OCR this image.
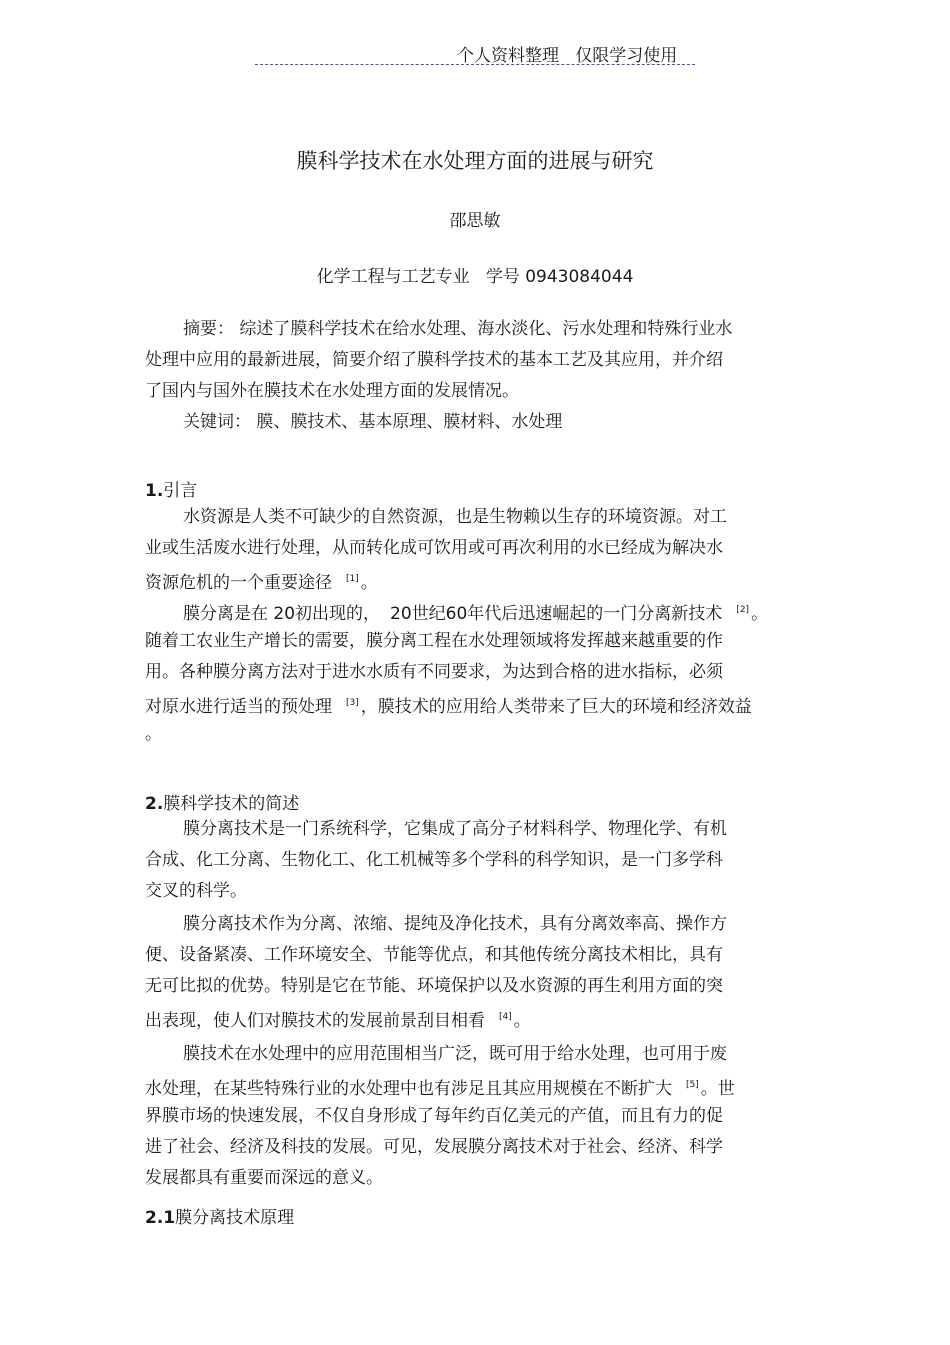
个人资料整理   仅限学习使用
膜科学技术在水处理方面的进展与研究
邵思敏
化学工程与工艺专业   学号 0943084044
摘要： 综述了膜科学技术在给水处理、海水淡化、污水处理和特殊行业水
处理中应用的最新进展，简要介绍了膜科学技术的基本工艺及其应用，并介绍
了国内与国外在膜技术在水处理方面的发展情况。
关键词： 膜、膜技术、基本原理、膜材料、水处理
1.引言
水资源是人类不可缺少的自然资源，也是生物赖以生存的环境资源。对工
业或生活废水进行处理，从而转化成可饮用或可再次利用的水已经成为解决水
资源危机的一个重要途径 [1] 。
膜分离是在 20初出现的， 20世纪60年代后迅速崛起的一门分离新技术 [2] 。
随着工农业生产增长的需要，膜分离工程在水处理领域将发挥越来越重要的作
用。各种膜分离方法对于进水水质有不同要求，为达到合格的进水指标，必须
对原水进行适当的预处理 [3] ，膜技术的应用给人类带来了巨大的环境和经济效益
。
2.膜科学技术的简述
膜分离技术是一门系统科学，它集成了高分子材料科学、物理化学、有机
合成、化工分离、生物化工、化工机械等多个学科的科学知识，是一门多学科
交叉的科学。
膜分离技术作为分离、浓缩、提纯及净化技术，具有分离效率高、操作方
便、设备紧凑、工作环境安全、节能等优点，和其他传统分离技术相比，具有
无可比拟的优势。特别是它在节能、环境保护以及水资源的再生利用方面的突
出表现，使人们对膜技术的发展前景刮目相看 [4] 。
膜技术在水处理中的应用范围相当广泛，既可用于给水处理，也可用于废
水处理，在某些特殊行业的水处理中也有涉足且其应用规模在不断扩大 [5] 。世
界膜市场的快速发展，不仅自身形成了每年约百亿美元的产值，而且有力的促
进了社会、经济及科技的发展。可见，发展膜分离技术对于社会、经济、科学
发展都具有重要而深远的意义。
2.1膜分离技术原理
